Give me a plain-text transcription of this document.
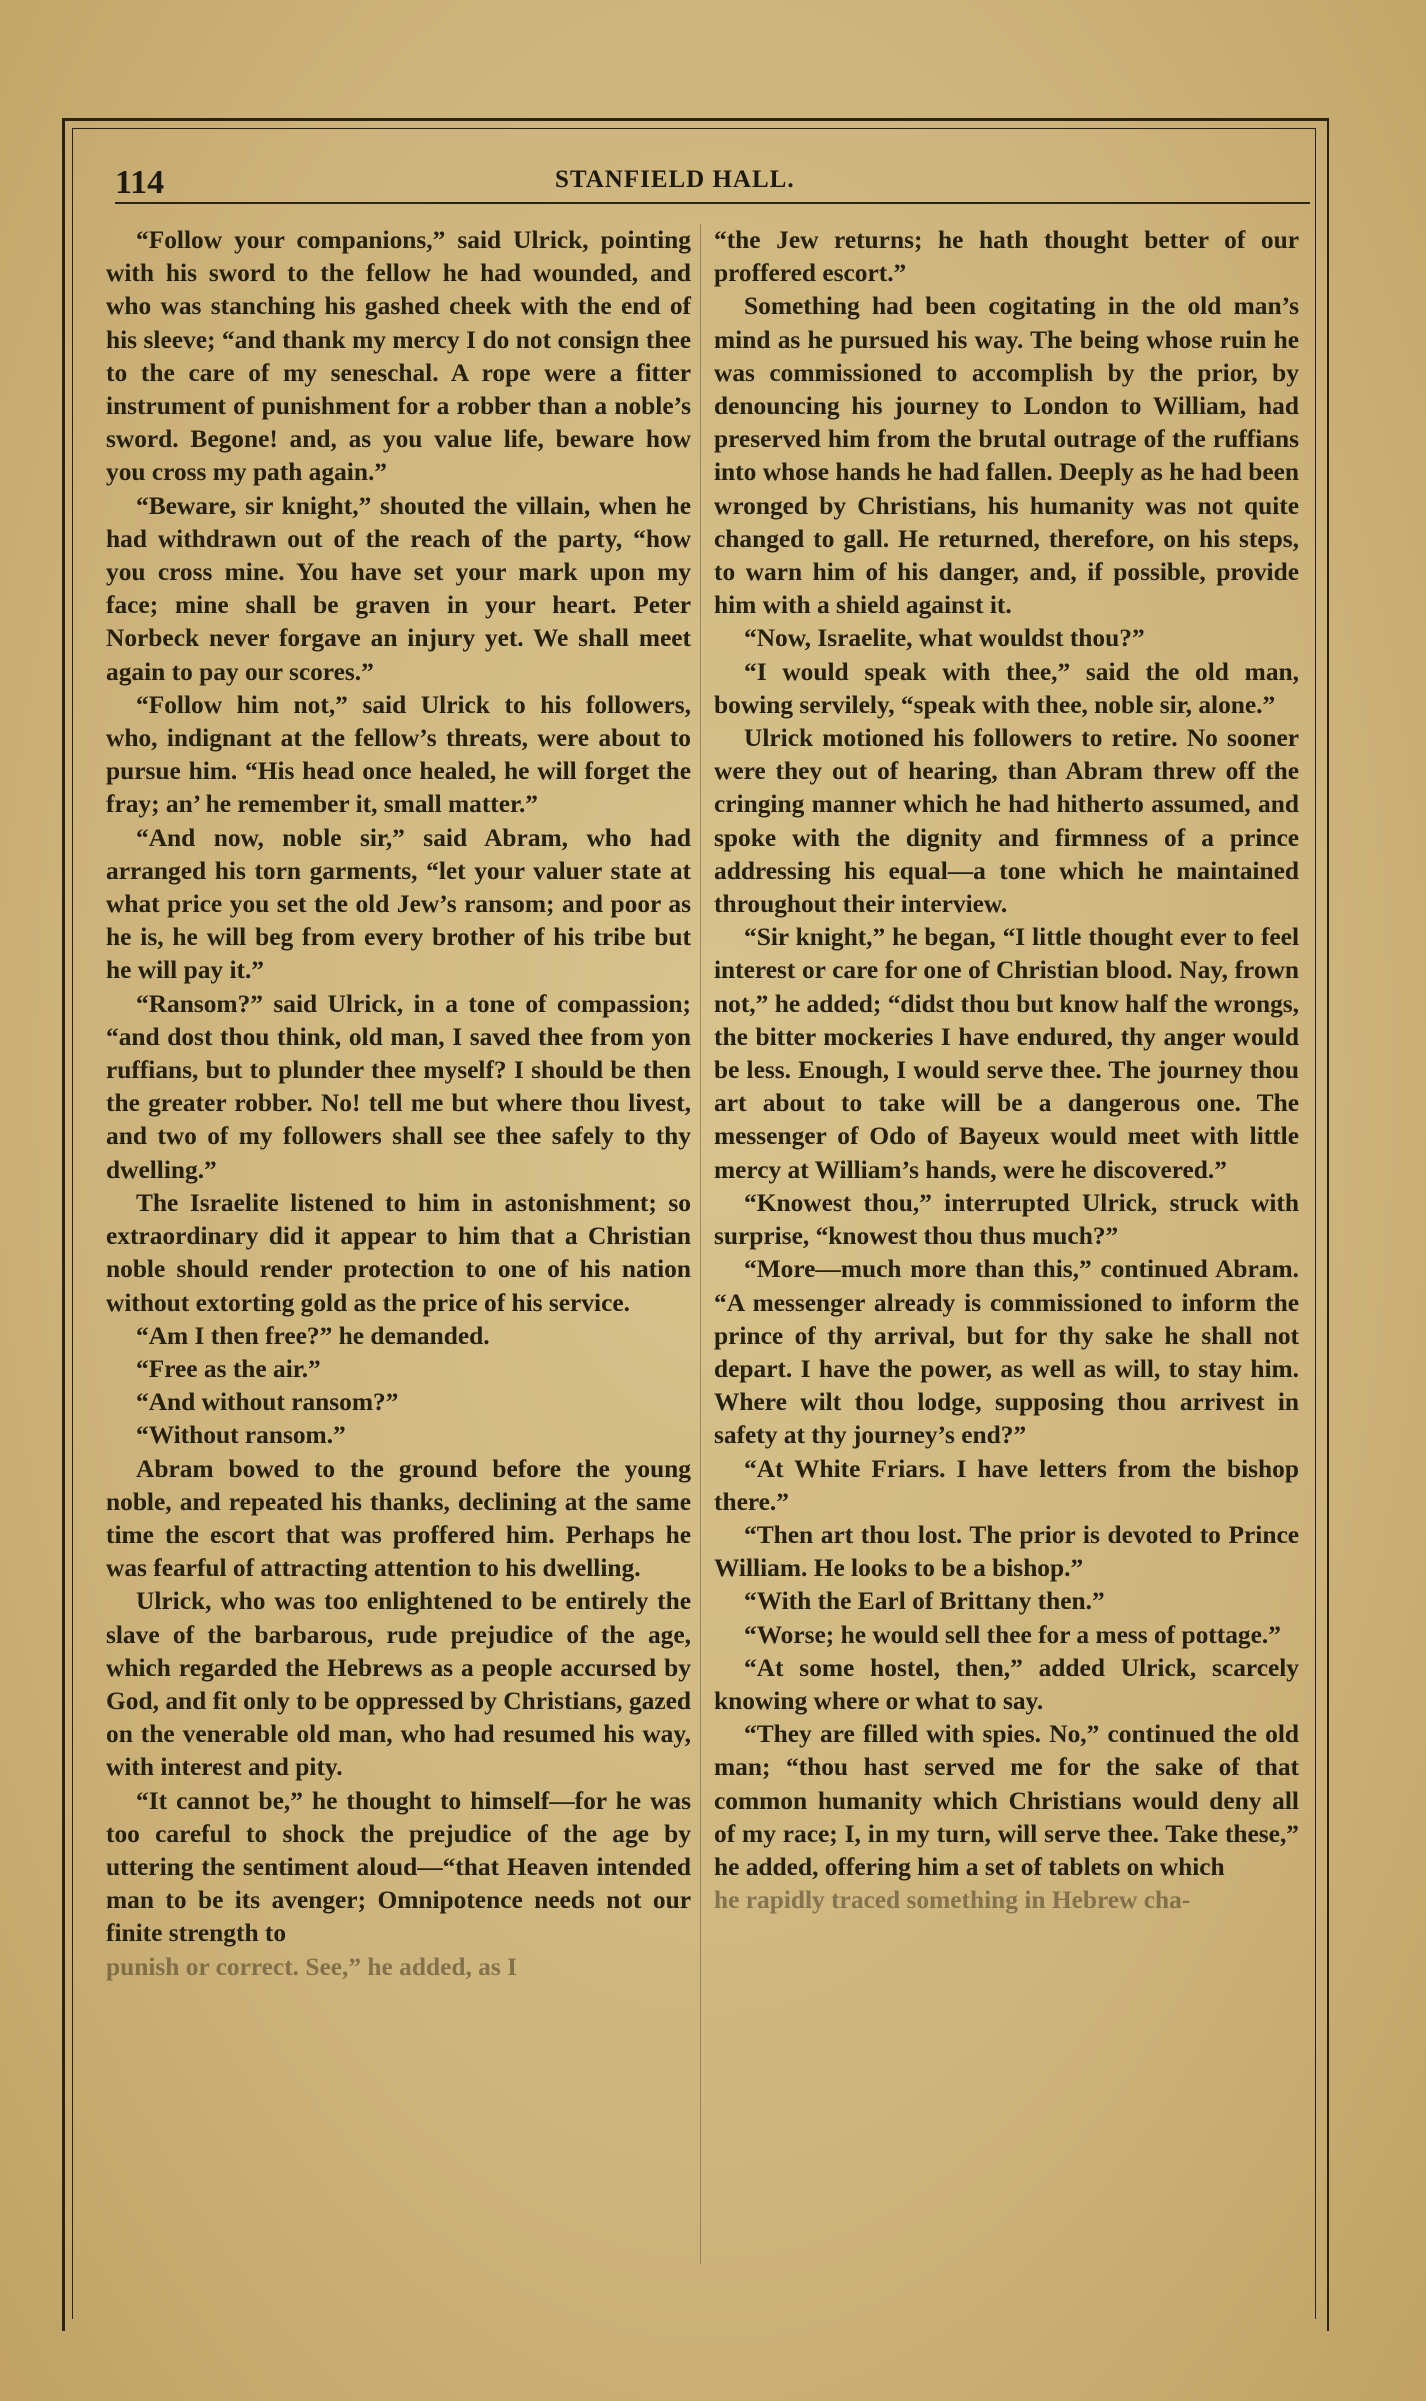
114	STANFIELD HALL.

“Follow your companions,” said Ulrick, pointing with his sword to the fellow he had wounded, and who was stanching his gashed cheek with the end of his sleeve; “and thank my mercy I do not consign thee to the care of my seneschal. A rope were a fitter instrument of punishment for a robber than a noble’s sword. Begone! and, as you value life, beware how you cross my path again.”

“Beware, sir knight,” shouted the villain, when he had withdrawn out of the reach of the party, “how you cross mine. You have set your mark upon my face; mine shall be graven in your heart. Peter Norbeck never forgave an injury yet. We shall meet again to pay our scores.”

“Follow him not,” said Ulrick to his followers, who, indignant at the fellow’s threats, were about to pursue him. “His head once healed, he will forget the fray; an’ he remember it, small matter.”

“And now, noble sir,” said Abram, who had arranged his torn garments, “let your valuer state at what price you set the old Jew’s ransom; and poor as he is, he will beg from every brother of his tribe but he will pay it.”

“Ransom?” said Ulrick, in a tone of compassion; “and dost thou think, old man, I saved thee from yon ruffians, but to plunder thee myself? I should be then the greater robber. No! tell me but where thou livest, and two of my followers shall see thee safely to thy dwelling.”

The Israelite listened to him in astonishment; so extraordinary did it appear to him that a Christian noble should render protection to one of his nation without extorting gold as the price of his service.

“Am I then free?” he demanded.

“Free as the air.”

“And without ransom?”

“Without ransom.”

Abram bowed to the ground before the young noble, and repeated his thanks, declining at the same time the escort that was proffered him. Perhaps he was fearful of attracting attention to his dwelling.

Ulrick, who was too enlightened to be entirely the slave of the barbarous, rude prejudice of the age, which regarded the Hebrews as a people accursed by God, and fit only to be oppressed by Christians, gazed on the venerable old man, who had resumed his way, with interest and pity.

“It cannot be,” he thought to himself—for he was too careful to shock the prejudice of the age by uttering the sentiment aloud—“that Heaven intended man to be its avenger; Omnipotence needs not our finite strength to

punish or correct. See,” he added, as I

“the Jew returns; he hath thought better of our proffered escort.”

Something had been cogitating in the old man’s mind as he pursued his way. The being whose ruin he was commissioned to accomplish by the prior, by denouncing his journey to London to William, had preserved him from the brutal outrage of the ruffians into whose hands he had fallen. Deeply as he had been wronged by Christians, his humanity was not quite changed to gall. He returned, therefore, on his steps, to warn him of his danger, and, if possible, provide him with a shield against it.

“Now, Israelite, what wouldst thou?”

“I would speak with thee,” said the old man, bowing servilely, “speak with thee, noble sir, alone.”

Ulrick motioned his followers to retire. No sooner were they out of hearing, than Abram threw off the cringing manner which he had hitherto assumed, and spoke with the dignity and firmness of a prince addressing his equal—a tone which he maintained throughout their interview.

“Sir knight,” he began, “I little thought ever to feel interest or care for one of Christian blood. Nay, frown not,” he added; “didst thou but know half the wrongs, the bitter mockeries I have endured, thy anger would be less. Enough, I would serve thee. The journey thou art about to take will be a dangerous one. The messenger of Odo of Bayeux would meet with little mercy at William’s hands, were he discovered.”

“Knowest thou,” interrupted Ulrick, struck with surprise, “knowest thou thus much?”

“More—much more than this,” continued Abram. “A messenger already is commissioned to inform the prince of thy arrival, but for thy sake he shall not depart. I have the power, as well as will, to stay him. Where wilt thou lodge, supposing thou arrivest in safety at thy journey’s end?”

“At White Friars. I have letters from the bishop there.”

“Then art thou lost. The prior is devoted to Prince William. He looks to be a bishop.”

“With the Earl of Brittany then.”

“Worse; he would sell thee for a mess of pottage.”

“At some hostel, then,” added Ulrick, scarcely knowing where or what to say.

“They are filled with spies. No,” continued the old man; “thou hast served me for the sake of that common humanity which Christians would deny all of my race; I, in my turn, will serve thee. Take these,” he added, offering him a set of tablets on which

he rapidly traced something in Hebrew cha-
